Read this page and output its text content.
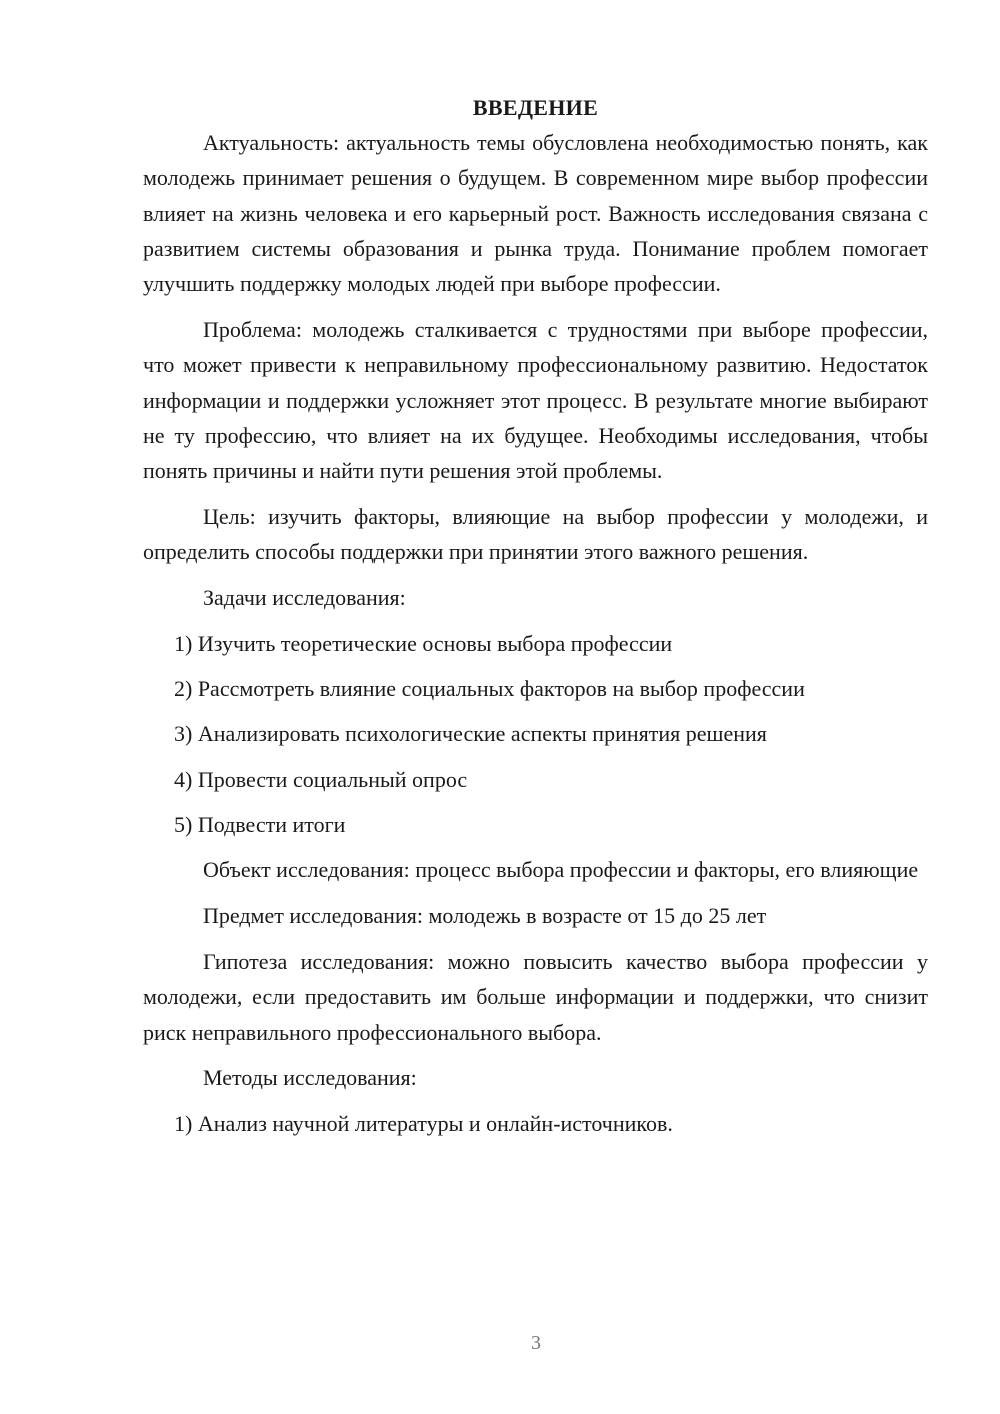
ВВЕДЕНИЕ

Актуальность: актуальность темы обусловлена необходимостью понять, как молодежь принимает решения о будущем. В современном мире выбор профессии влияет на жизнь человека и его карьерный рост. Важность исследования связана с развитием системы образования и рынка труда. Понимание проблем помогает улучшить поддержку молодых людей при выборе профессии.

Проблема: молодежь сталкивается с трудностями при выборе профессии, что может привести к неправильному профессиональному развитию. Недостаток информации и поддержки усложняет этот процесс. В результате многие выбирают не ту профессию, что влияет на их будущее. Необходимы исследования, чтобы понять причины и найти пути решения этой проблемы.

Цель: изучить факторы, влияющие на выбор профессии у молодежи, и определить способы поддержки при принятии этого важного решения.

Задачи исследования:

1) Изучить теоретические основы выбора профессии
2) Рассмотреть влияние социальных факторов на выбор профессии
3) Анализировать психологические аспекты принятия решения
4) Провести социальный опрос
5) Подвести итоги

Объект исследования: процесс выбора профессии и факторы, его влияющие

Предмет исследования: молодежь в возрасте от 15 до 25 лет

Гипотеза исследования: можно повысить качество выбора профессии у молодежи, если предоставить им больше информации и поддержки, что снизит риск неправильного профессионального выбора.

Методы исследования:

1) Анализ научной литературы и онлайн-источников.
3
